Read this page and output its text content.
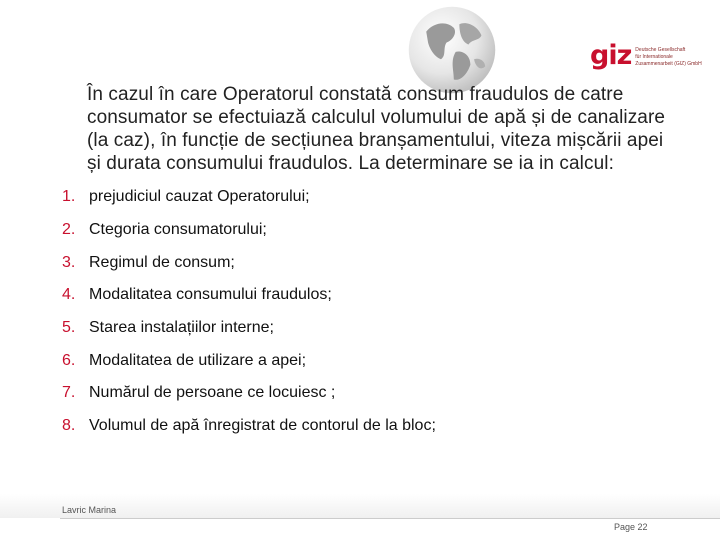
giz Deutsche Gesellschaft
für Internationale
Zusammenarbeit (GIZ) GmbH
În cazul în care Operatorul constată consum fraudulos de catre
consumator se efectuiază calculul volumului de apă și de canalizare
(la caz), în funcție de secțiunea branșamentului, viteza mișcării apei
și durata consumului fraudulos. La determinare se ia in calcul:
1. prejudiciul cauzat Operatorului;
2. Ctegoria consumatorului;
3. Regimul de consum;
4. Modalitatea consumului fraudulos;
5. Starea instalațiilor interne;
6. Modalitatea de utilizare a apei;
7. Numărul de persoane ce locuiesc ;
8. Volumul de apă înregistrat de contorul de la bloc;
Lavric Marina
Page 22
